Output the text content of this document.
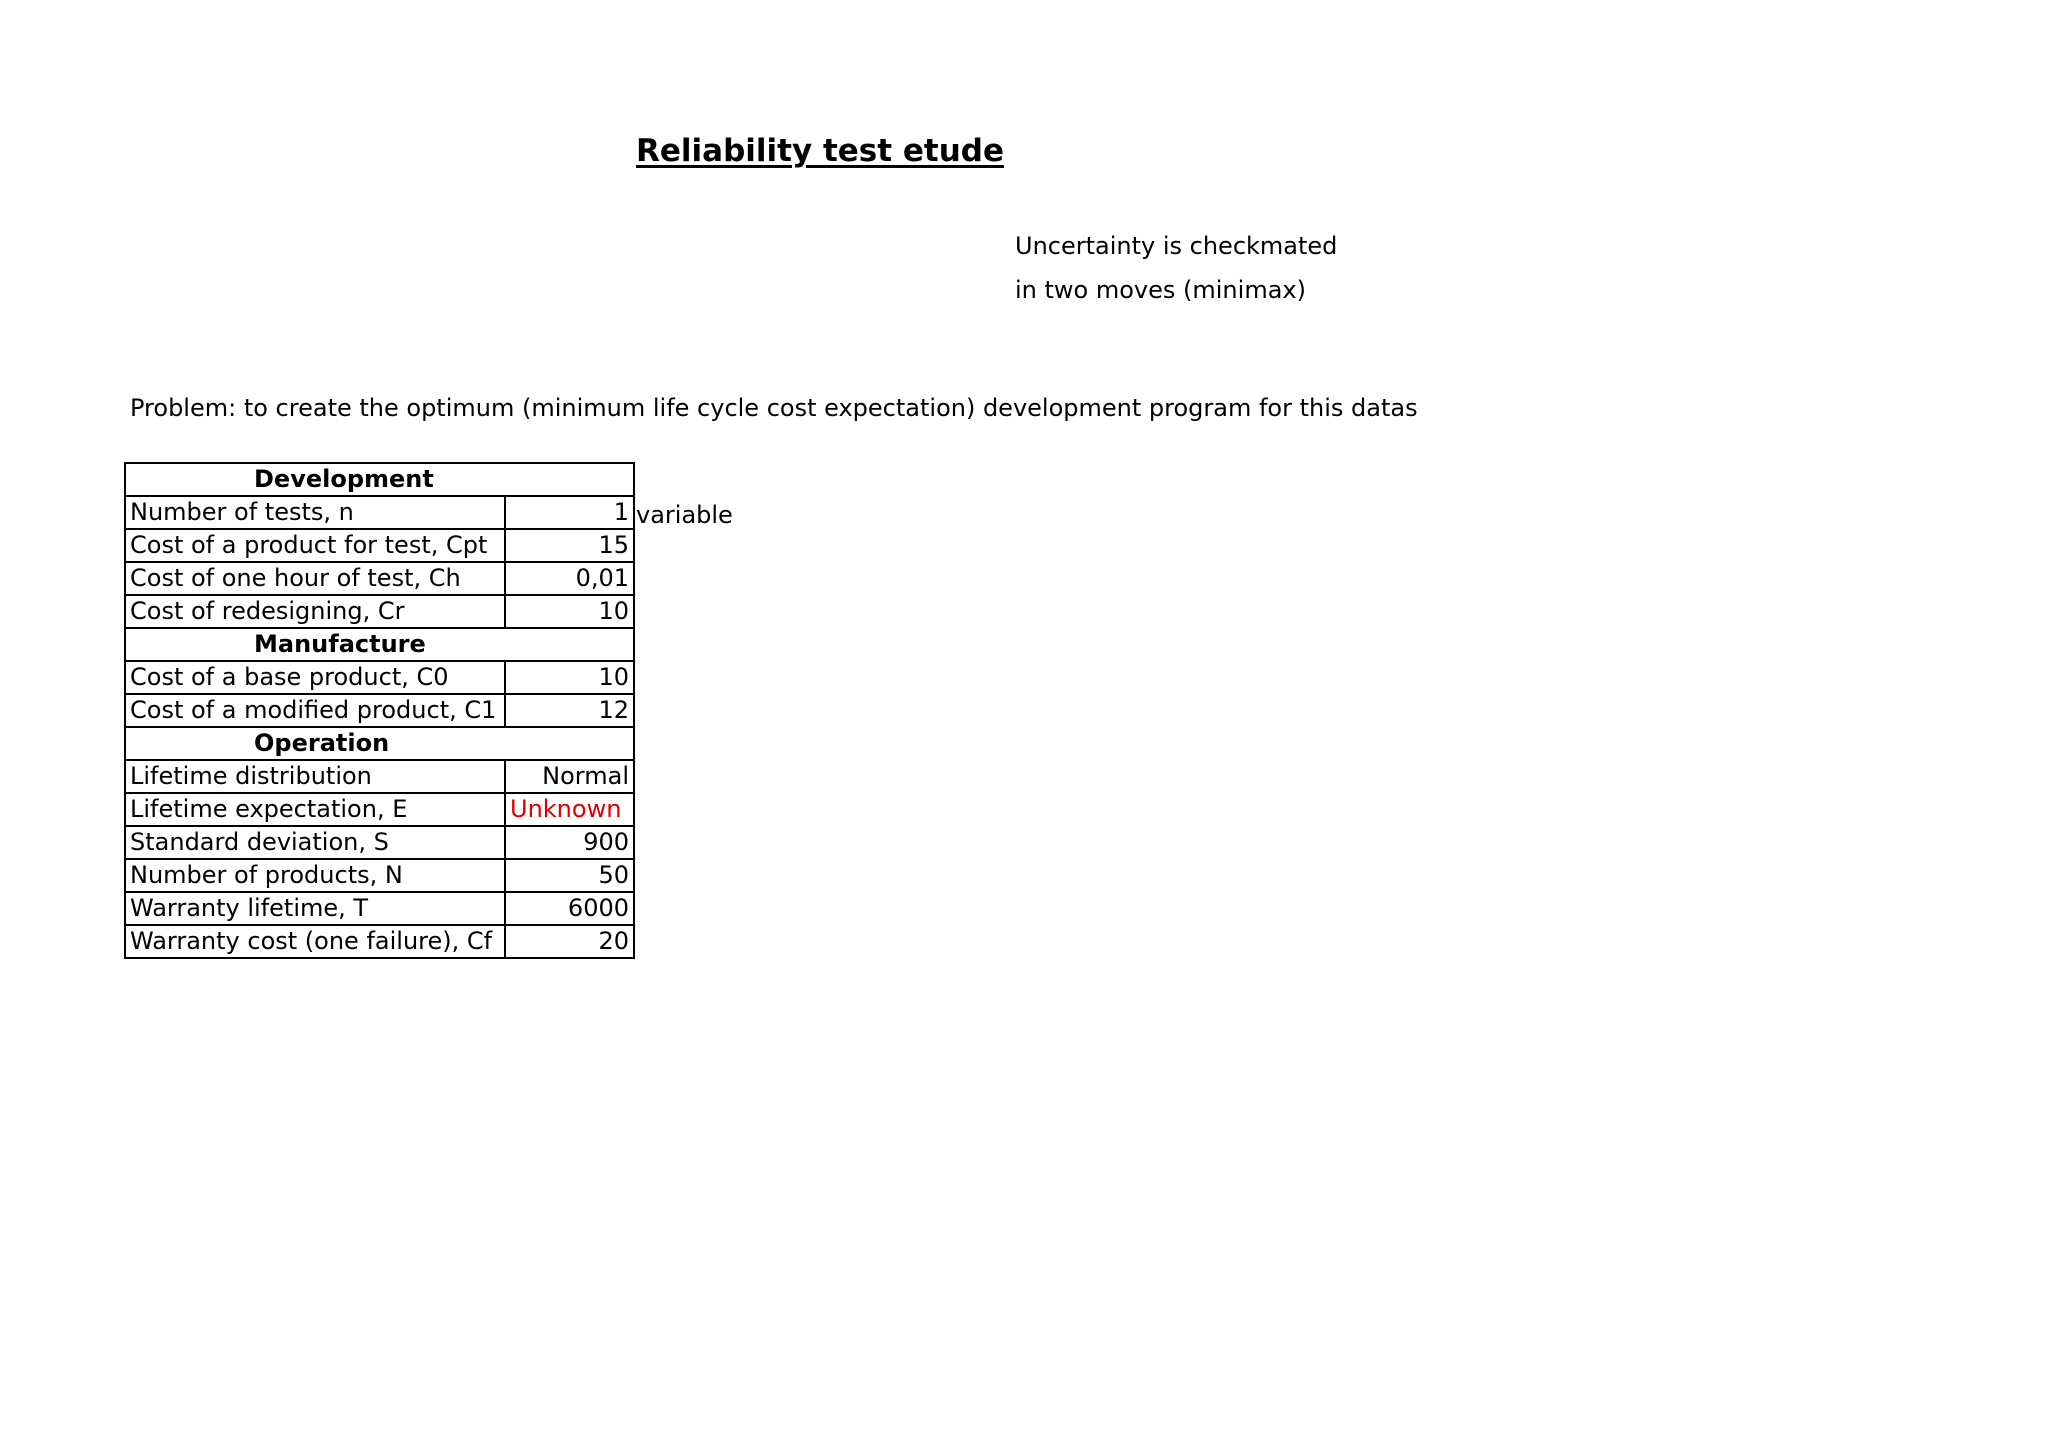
Reliability test etude
Uncertainty is checkmated
in two moves (minimax)
Problem: to create the optimum (minimum life cycle cost expectation) development program for this datas
Development	
Number of tests, n	1
Cost of a product for test, Cpt	15
Cost of one hour of test, Ch	0,01
Cost of redesigning, Cr	10
Manufacture	
Cost of a base product, C0	10
Cost of a modified product, C1	12
Operation	
Lifetime distribution	Normal
Lifetime expectation, E	Unknown
Standard deviation, S	900
Number of products, N	50
Warranty lifetime, T	6000
Warranty cost (one failure), Cf	20
variable
